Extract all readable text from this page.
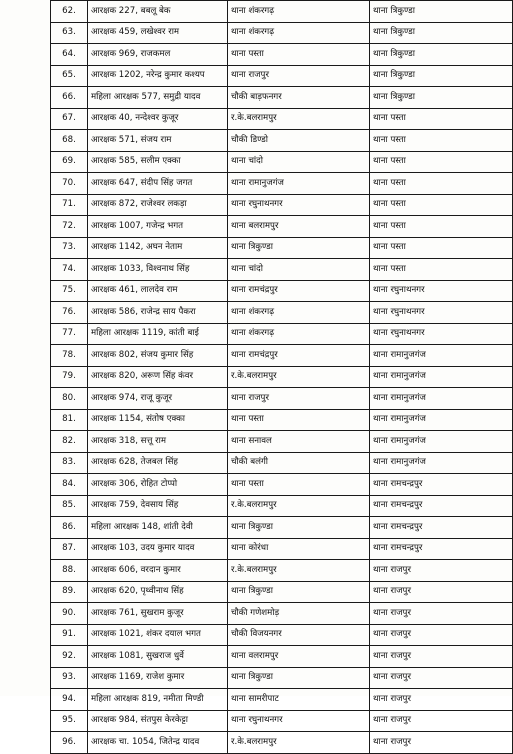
62.	आरक्षक 227, बबलू बेक	थाना शंकरगढ़	थाना त्रिकुण्डा
63.	आरक्षक 459, लखेश्वर राम	थाना शंकरगढ़	थाना त्रिकुण्डा
64.	आरक्षक 969, राजकमल	थाना पस्ता	थाना त्रिकुण्डा
65.	आरक्षक 1202, नरेन्द्र कुमार कश्यप	थाना राजपुर	थाना त्रिकुण्डा
66.	महिला आरक्षक 577, समुद्री यादव	चौकी बाड़फनगर	थाना त्रिकुण्डा
67.	आरक्षक 40, नन्देश्वर कुजूर	र.के.बलरामपुर	थाना पस्ता
68.	आरक्षक 571, संजय राम	चौकी डिण्डो	थाना पस्ता
69.	आरक्षक 585, सलीम एक्का	थाना चांदो	थाना पस्ता
70.	आरक्षक 647, संदीप सिंह जगत	थाना रामानुजगंज	थाना पस्ता
71.	आरक्षक 872, राजेश्वर लकड़ा	थाना रघुनाथनगर	थाना पस्ता
72.	आरक्षक 1007, गजेन्द्र भगत	थाना बलरामपुर	थाना पस्ता
73.	आरक्षक 1142, अघन नेताम	थाना त्रिकुण्डा	थाना पस्ता
74.	आरक्षक 1033, विश्वनाथ सिंह	थाना चांदो	थाना पस्ता
75.	आरक्षक 461, लालदेव राम	थाना रामचंद्रपुर	थाना रघुनाथनगर
76.	आरक्षक 586, राजेन्द्र साय पैकरा	थाना शंकरगढ़	थाना रघुनाथनगर
77.	महिला आरक्षक 1119, कांती बाई	थाना शंकरगढ़	थाना रघुनाथनगर
78.	आरक्षक 802, संजय कुमार सिंह	थाना रामचंद्रपुर	थाना रामानुजगंज
79.	आरक्षक 820, अरूण सिंह कंवर	र.के.बलरामपुर	थाना रामानुजगंज
80.	आरक्षक 974, राजू कुजूर	थाना राजपुर	थाना रामानुजगंज
81.	आरक्षक 1154, संतोष एक्का	थाना पस्ता	थाना रामानुजगंज
82.	आरक्षक 318, सत्तू राम	थाना सनावल	थाना रामानुजगंज
83.	आरक्षक 628, तेजबल सिंह	चौकी बलंगी	थाना रामानुजगंज
84.	आरक्षक 306, रोहित टोप्पो	थाना पस्ता	थाना रामचन्द्रपुर
85.	आरक्षक 759, देवसाय सिंह	र.के.बलरामपुर	थाना रामचन्द्रपुर
86.	महिला आरक्षक 148, शांती देवी	थाना त्रिकुण्डा	थाना रामचन्द्रपुर
87.	आरक्षक 103, उदय कुमार यादव	थाना कोरंधा	थाना रामचन्द्रपुर
88.	आरक्षक 606, वरदान कुमार	र.के.बलरामपुर	थाना राजपुर
89.	आरक्षक 620, पृथ्वीनाथ सिंह	थाना त्रिकुण्डा	थाना राजपुर
90.	आरक्षक 761, सुखराम कुजूर	चौकी गणेशमोड़	थाना राजपुर
91.	आरक्षक 1021, शंकर दयाल भगत	चौकी विजयनगर	थाना राजपुर
92.	आरक्षक 1081, सुखराज धुर्वे	थाना वलरामपुर	थाना राजपुर
93.	आरक्षक 1169, राजेश कुमार	थाना त्रिकुण्डा	थाना राजपुर
94.	महिला आरक्षक 819, नमीता मिण्डी	थाना सामरीपाट	थाना राजपुर
95.	आरक्षक 984, संतपुस केरकेट्टा	थाना रघुनाथनगर	थाना राजपुर
96.	आरक्षक चा. 1054, जितेन्द्र यादव	र.के.बलरामपुर	थाना राजपुर
